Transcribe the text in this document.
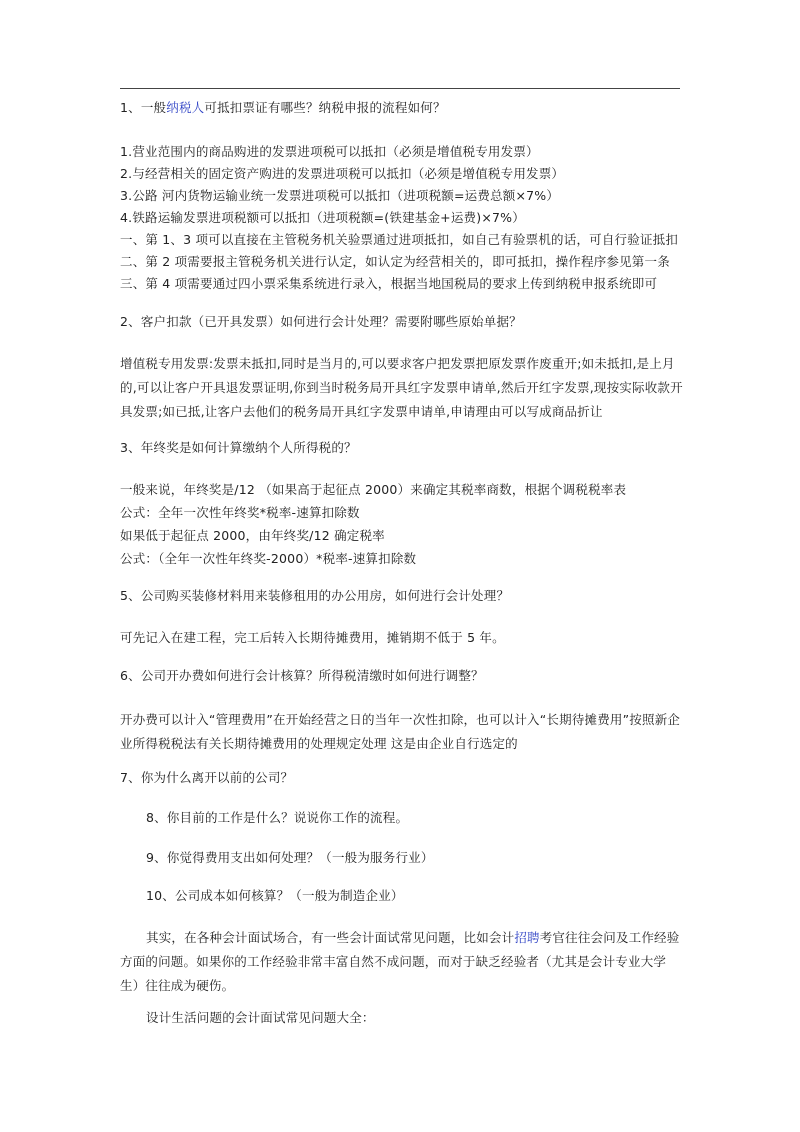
1、一般纳税人可抵扣票证有哪些？纳税申报的流程如何？
1.营业范围内的商品购进的发票进项税可以抵扣（必须是增值税专用发票）
2.与经营相关的固定资产购进的发票进项税可以抵扣（必须是增值税专用发票）
3.公路 河内货物运输业统一发票进项税可以抵扣（进项税额=运费总额×7%）
4.铁路运输发票进项税额可以抵扣（进项税额=(铁建基金+运费)×7%）
一、第 1、3 项可以直接在主管税务机关验票通过进项抵扣，如自己有验票机的话，可自行验证抵扣
二、第 2 项需要报主管税务机关进行认定，如认定为经营相关的，即可抵扣，操作程序参见第一条
三、第 4 项需要通过四小票采集系统进行录入，根据当地国税局的要求上传到纳税申报系统即可
2、客户扣款（已开具发票）如何进行会计处理？需要附哪些原始单据？
增值税专用发票:发票未抵扣,同时是当月的,可以要求客户把发票把原发票作废重开;如未抵扣,是上月的,可以让客户开具退发票证明,你到当时税务局开具红字发票申请单,然后开红字发票,现按实际收款开具发票;如已抵,让客户去他们的税务局开具红字发票申请单,申请理由可以写成商品折让
3、年终奖是如何计算缴纳个人所得税的？
一般来说，年终奖是/12 （如果高于起征点 2000）来确定其税率商数，根据个调税税率表
公式：全年一次性年终奖*税率-速算扣除数
如果低于起征点 2000，由年终奖/12 确定税率
公式：（全年一次性年终奖-2000）*税率-速算扣除数
5、公司购买装修材料用来装修租用的办公用房，如何进行会计处理？
可先记入在建工程，完工后转入长期待摊费用，摊销期不低于 5 年。
6、公司开办费如何进行会计核算？所得税清缴时如何进行调整？
开办费可以计入“管理费用”在开始经营之日的当年一次性扣除，也可以计入“长期待摊费用”按照新企业所得税税法有关长期待摊费用的处理规定处理 这是由企业自行选定的
7、你为什么离开以前的公司？
8、你目前的工作是什么？说说你工作的流程。
9、你觉得费用支出如何处理？（一般为服务行业）
10、公司成本如何核算？（一般为制造企业）
其实，在各种会计面试场合，有一些会计面试常见问题，比如会计招聘考官往往会问及工作经验方面的问题。如果你的工作经验非常丰富自然不成问题，而对于缺乏经验者（尤其是会计专业大学生）往往成为硬伤。
设计生活问题的会计面试常见问题大全：
